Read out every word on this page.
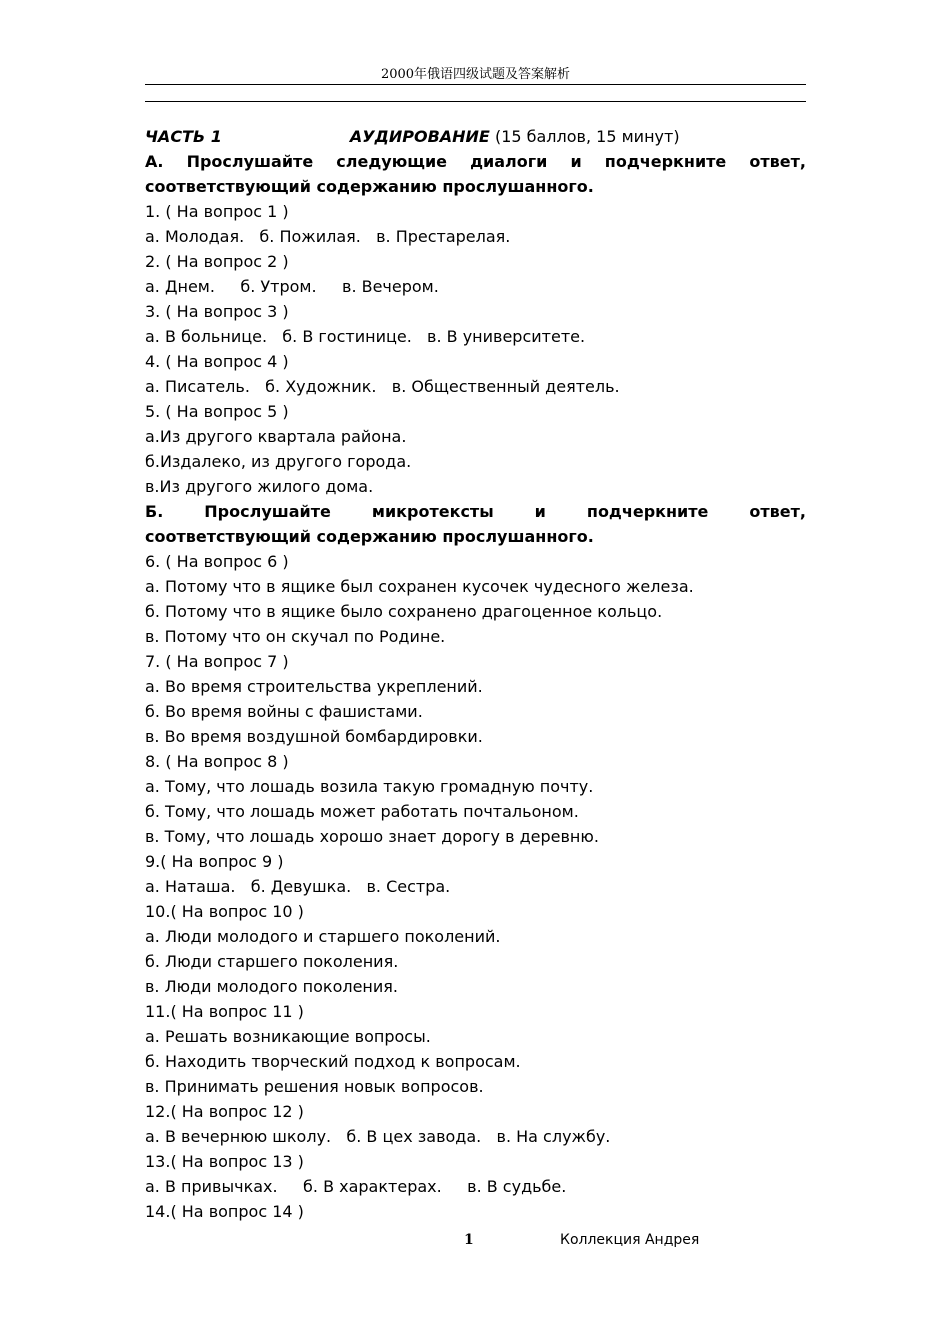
2000年俄语四级试题及答案解析
ЧАСТЬ 1	АУДИРОВАНИЕ (15 баллов, 15 минут)
А. Прослушайте следующие диалоги и подчеркните ответ,
соответствующий содержанию прослушанного.
1. ( На вопрос 1 )
а. Молодая.   б. Пожилая.   в. Престарелая.
2. ( На вопрос 2 )
а. Днем.     б. Утром.     в. Вечером.
3. ( На вопрос 3 )
а. В больнице.   б. В гостинице.   в. В университете.
4. ( На вопрос 4 )
а. Писатель.   б. Художник.   в. Общественный деятель.
5. ( На вопрос 5 )
а.Из другого квартала района.
б.Издалеко, из другого города.
в.Из другого жилого дома.
Б. Прослушайте микротексты и подчеркните ответ,
соответствующий содержанию прослушанного.
6. ( На вопрос 6 )
а. Потому что в ящике был сохранен кусочек чудесного железа.
б. Потому что в ящике было сохранено драгоценное кольцо.
в. Потому что он скучал по Родине.
7. ( На вопрос 7 )
а. Во время строительства укреплений.
б. Во время войны с фашистами.
в. Во время воздушной бомбардировки.
8. ( На вопрос 8 )
а. Тому, что лошадь возила такую громадную почту.
б. Тому, что лошадь может работать почтальоном.
в. Тому, что лошадь хорошо знает дорогу в деревню.
9.( На вопрос 9 )
а. Наташа.   б. Девушка.   в. Сестра.
10.( На вопрос 10 )
а. Люди молодого и старшего поколений.
б. Люди старшего поколения.
в. Люди молодого поколения.
11.( На вопрос 11 )
а. Решать возникающие вопросы.
б. Находить творческий подход к вопросам.
в. Принимать решения новык вопросов.
12.( На вопрос 12 )
а. В вечернюю школу.   б. В цех завода.   в. На службу.
13.( На вопрос 13 )
а. В привычках.     б. В характерах.     в. В судьбе.
14.( На вопрос 14 )
1	Коллекция Андрея
